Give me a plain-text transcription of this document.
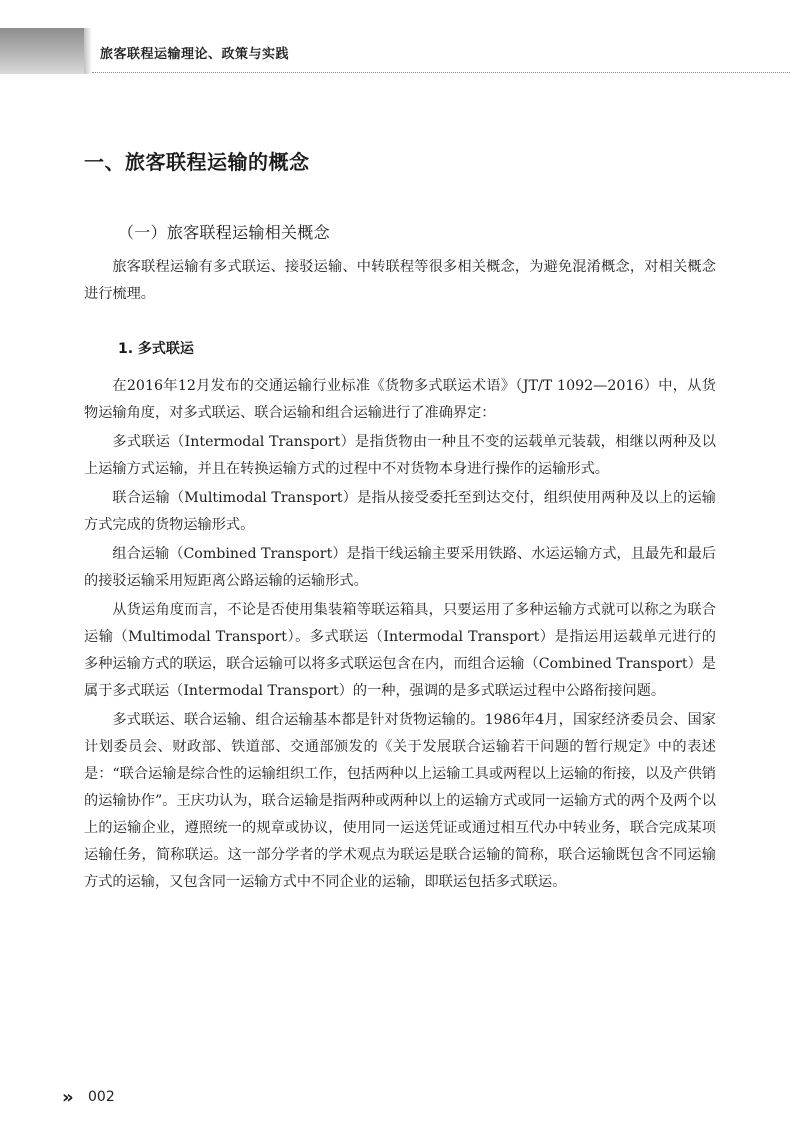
旅客联程运输理论、政策与实践
一、旅客联程运输的概念
（一）旅客联程运输相关概念

旅客联程运输有多式联运、接驳运输、中转联程等很多相关概念，为避免混淆概念，对相关概念进行梳理。

1. 多式联运

在2016年12月发布的交通运输行业标准《货物多式联运术语》（JT/T 1092—2016）中，从货物运输角度，对多式联运、联合运输和组合运输进行了准确界定：

多式联运（Intermodal Transport）是指货物由一种且不变的运载单元装载，相继以两种及以上运输方式运输，并且在转换运输方式的过程中不对货物本身进行操作的运输形式。

联合运输（Multimodal Transport）是指从接受委托至到达交付，组织使用两种及以上的运输方式完成的货物运输形式。

组合运输（Combined Transport）是指干线运输主要采用铁路、水运运输方式，且最先和最后的接驳运输采用短距离公路运输的运输形式。

从货运角度而言，不论是否使用集装箱等联运箱具，只要运用了多种运输方式就可以称之为联合运输（Multimodal Transport）。多式联运（Intermodal Transport）是指运用运载单元进行的多种运输方式的联运，联合运输可以将多式联运包含在内，而组合运输（Combined Transport）是属于多式联运（Intermodal Transport）的一种，强调的是多式联运过程中公路衔接问题。

多式联运、联合运输、组合运输基本都是针对货物运输的。1986年4月，国家经济委员会、国家计划委员会、财政部、铁道部、交通部颁发的《关于发展联合运输若干问题的暂行规定》中的表述是：“联合运输是综合性的运输组织工作，包括两种以上运输工具或两程以上运输的衔接，以及产供销的运输协作”。王庆功认为，联合运输是指两种或两种以上的运输方式或同一运输方式的两个及两个以上的运输企业，遵照统一的规章或协议，使用同一运送凭证或通过相互代办中转业务，联合完成某项运输任务，简称联运。这一部分学者的学术观点为联运是联合运输的简称，联合运输既包含不同运输方式的运输，又包含同一运输方式中不同企业的运输，即联运包括多式联运。

» 002
